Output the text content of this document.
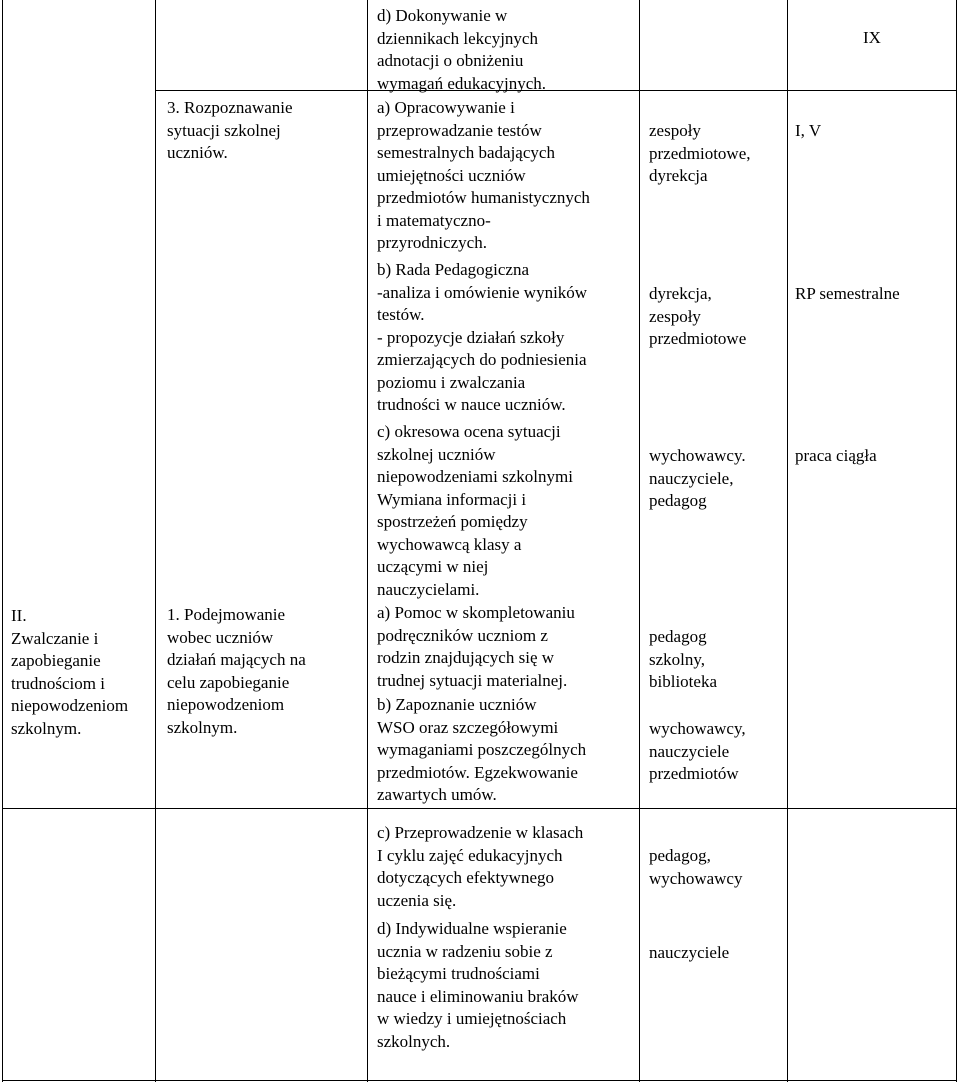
II.
Zwalczanie i
zapobieganie
trudnościom i
niepowodzeniom
szkolnym.

3. Rozpoznawanie
sytuacji szkolnej
uczniów.

1. Podejmowanie
wobec uczniów
działań mających na
celu zapobieganie
niepowodzeniom
szkolnym.

d) Dokonywanie w
dziennikach lekcyjnych
adnotacji o obniżeniu
wymagań edukacyjnych.

a) Opracowywanie i
przeprowadzanie testów
semestralnych badających
umiejętności uczniów
przedmiotów humanistycznych
i matematyczno-
przyrodniczych.

b) Rada Pedagogiczna
-analiza i omówienie wyników
testów.
- propozycje działań szkoły
zmierzających do podniesienia
poziomu i zwalczania
trudności w nauce uczniów.

c) okresowa ocena sytuacji
szkolnej uczniów
niepowodzeniami szkolnymi
Wymiana informacji i
spostrzeżeń pomiędzy
wychowawcą klasy a
uczącymi w niej
nauczycielami.

a) Pomoc w skompletowaniu
podręczników uczniom z
rodzin znajdujących się w
trudnej sytuacji materialnej.

b) Zapoznanie uczniów
WSO oraz szczegółowymi
wymaganiami poszczególnych
przedmiotów. Egzekwowanie
zawartych umów.

c) Przeprowadzenie w klasach
I cyklu zajęć edukacyjnych
dotyczących efektywnego
uczenia się.

d) Indywidualne wspieranie
ucznia w radzeniu sobie z
bieżącymi trudnościami
nauce i eliminowaniu braków
w wiedzy i umiejętnościach
szkolnych.

zespoły
przedmiotowe,
dyrekcja

dyrekcja,
zespoły
przedmiotowe

wychowawcy.
nauczyciele,
pedagog

pedagog
szkolny,
biblioteka

wychowawcy,
nauczyciele
przedmiotów

pedagog,
wychowawcy

nauczyciele

IX

I, V

RP semestralne

praca ciągła
